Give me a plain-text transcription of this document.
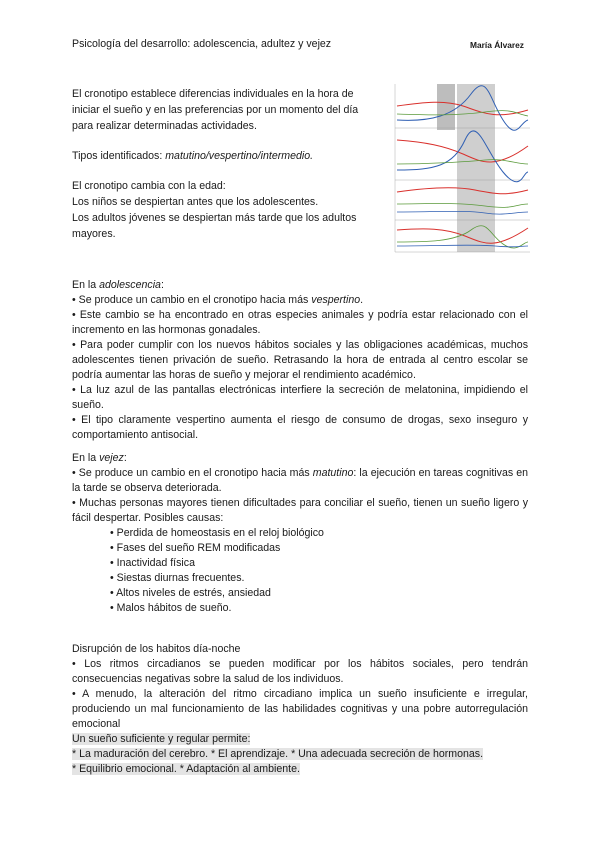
Psicología del desarrollo: adolescencia, adultez y vejez	María Álvarez

El cronotipo establece diferencias individuales en la hora de iniciar el sueño y en las preferencias por un momento del día para realizar determinadas actividades.

Tipos identificados: matutino/vespertino/intermedio.

El cronotipo cambia con la edad:

Los niños se despiertan antes que los adolescentes.

Los adultos jóvenes se despiertan más tarde que los adultos mayores.

En la adolescencia:

• Se produce un cambio en el cronotipo hacia más vespertino.

• Este cambio se ha encontrado en otras especies animales y podría estar relacionado con el incremento en las hormonas gonadales.

• Para poder cumplir con los nuevos hábitos sociales y las obligaciones académicas, muchos adolescentes tienen privación de sueño. Retrasando la hora de entrada al centro escolar se podría aumentar las horas de sueño y mejorar el rendimiento académico.

• La luz azul de las pantallas electrónicas interfiere la secreción de melatonina, impidiendo el sueño.

• El tipo claramente vespertino aumenta el riesgo de consumo de drogas, sexo inseguro y comportamiento antisocial.

En la vejez:

• Se produce un cambio en el cronotipo hacia más matutino: la ejecución en tareas cognitivas en la tarde se observa deteriorada.

• Muchas personas mayores tienen dificultades para conciliar el sueño, tienen un sueño ligero y fácil despertar. Posibles causas:

• Perdida de homeostasis en el reloj biológico
• Fases del sueño REM modificadas
• Inactividad física
• Siestas diurnas frecuentes.
• Altos niveles de estrés, ansiedad
• Malos hábitos de sueño.

Disrupción de los habitos día-noche

• Los ritmos circadianos se pueden modificar por los hábitos sociales, pero tendrán consecuencias negativas sobre la salud de los individuos.

• A menudo, la alteración del ritmo circadiano implica un sueño insuficiente e irregular, produciendo un mal funcionamiento de las habilidades cognitivas y una pobre autorregulación emocional

Un sueño suficiente y regular permite:

* La maduración del cerebro. * El aprendizaje. * Una adecuada secreción de hormonas.

* Equilibrio emocional. * Adaptación al ambiente.
